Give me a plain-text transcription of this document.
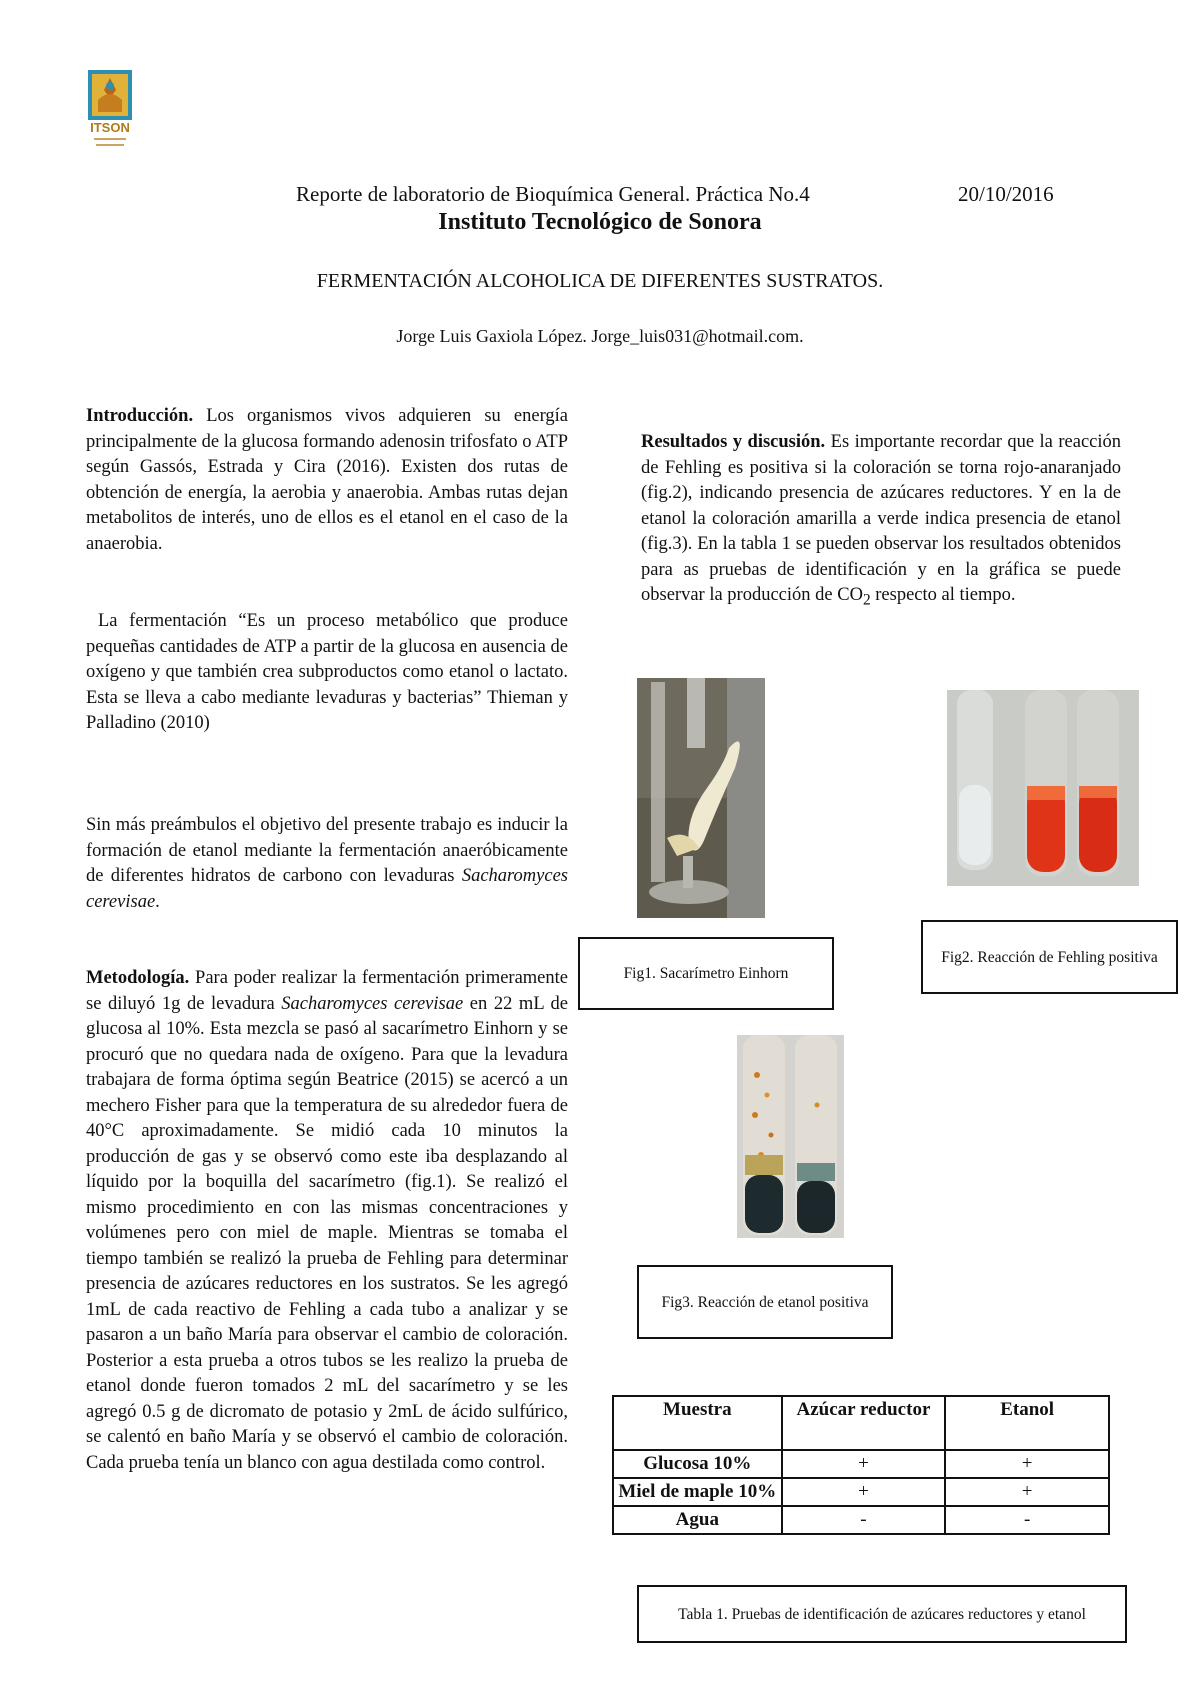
ITSON
Reporte de laboratorio de Bioquímica General. Práctica No.4	20/10/2016
Instituto Tecnológico de Sonora
FERMENTACIÓN ALCOHOLICA DE DIFERENTES SUSTRATOS.
Jorge Luis Gaxiola López. Jorge_luis031@hotmail.com.

Introducción. Los organismos vivos adquieren su energía principalmente de la glucosa formando adenosin trifosfato o ATP según Gassós, Estrada y Cira (2016). Existen dos rutas de obtención de energía, la aerobia y anaerobia. Ambas rutas dejan metabolitos de interés, uno de ellos es el etanol en el caso de la anaerobia.

La fermentación “Es un proceso metabólico que produce pequeñas cantidades de ATP a partir de la glucosa en ausencia de oxígeno y que también crea subproductos como etanol o lactato. Esta se lleva a cabo mediante levaduras y bacterias” Thieman y Palladino (2010)

Sin más preámbulos el objetivo del presente trabajo es inducir la formación de etanol mediante la fermentación anaeróbicamente de diferentes hidratos de carbono con levaduras Sacharomyces cerevisae.

Metodología. Para poder realizar la fermentación primeramente se diluyó 1g de levadura Sacharomyces cerevisae en 22 mL de glucosa al 10%. Esta mezcla se pasó al sacarímetro Einhorn y se procuró que no quedara nada de oxígeno. Para que la levadura trabajara de forma óptima según Beatrice (2015) se acercó a un mechero Fisher para que la temperatura de su alrededor fuera de 40°C aproximadamente. Se midió cada 10 minutos la producción de gas y se observó como este iba desplazando al líquido por la boquilla del sacarímetro (fig.1). Se realizó el mismo procedimiento en con las mismas concentraciones y volúmenes pero con miel de maple. Mientras se tomaba el tiempo también se realizó la prueba de Fehling para determinar presencia de azúcares reductores en los sustratos. Se les agregó 1mL de cada reactivo de Fehling a cada tubo a analizar y se pasaron a un baño María para observar el cambio de coloración. Posterior a esta prueba a otros tubos se les realizo la prueba de etanol donde fueron tomados 2 mL del sacarímetro y se les agregó 0.5 g de dicromato de potasio y 2mL de ácido sulfúrico, se calentó en baño María y se observó el cambio de coloración. Cada prueba tenía un blanco con agua destilada como control.

Resultados y discusión. Es importante recordar que la reacción de Fehling es positiva si la coloración se torna rojo-anaranjado (fig.2), indicando presencia de azúcares reductores. Y en la de etanol la coloración amarilla a verde indica presencia de etanol (fig.3). En la tabla 1 se pueden observar los resultados obtenidos para as pruebas de identificación y en la gráfica se puede observar la producción de $CO_2$ respecto al tiempo.

Fig1. Sacarímetro Einhorn
Fig2. Reacción de Fehling positiva
Fig3. Reacción de etanol positiva
Muestra	Azúcar reductor	Etanol
Glucosa 10%	+	+
Miel de maple 10%	+	+
Agua	-	-
Tabla 1. Pruebas de identificación de azúcares reductores y etanol
